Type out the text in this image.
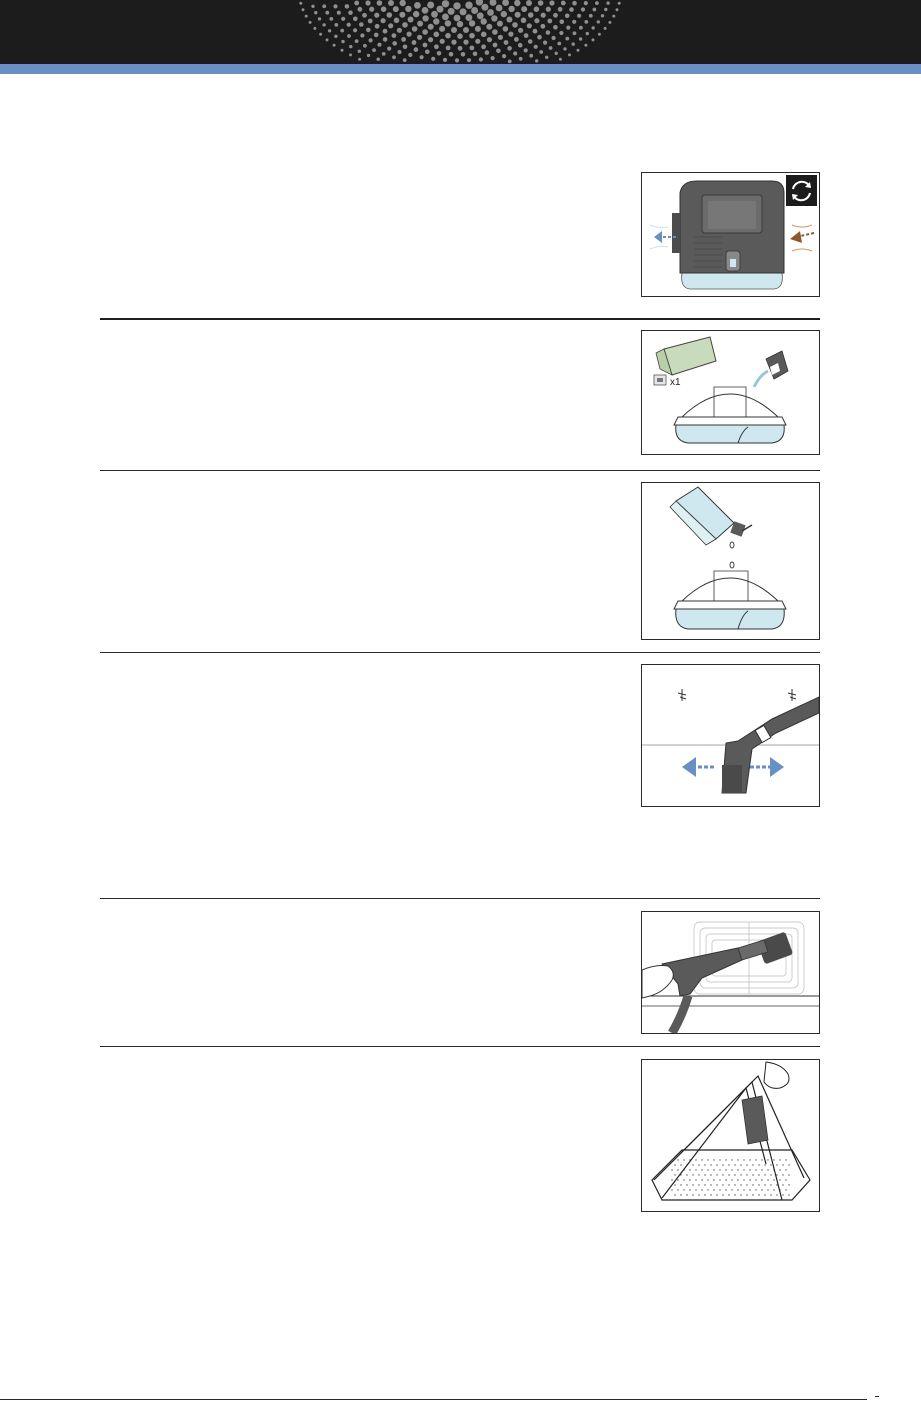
x1
